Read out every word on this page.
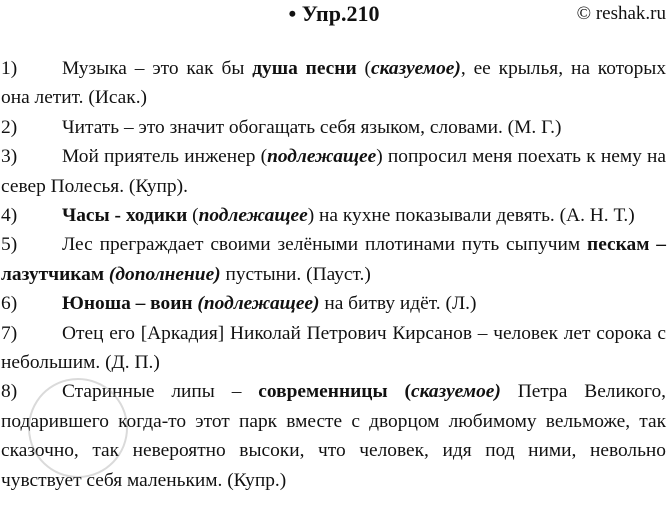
• Упр.210	© reshak.ru

1) Музыка – это как бы душа песни (сказуемое), ее крылья, на которых она летит. (Исак.)

2) Читать – это значит обогащать себя языком, словами. (М. Г.)

3) Мой приятель инженер (подлежащее) попросил меня поехать к нему на север Полесья. (Купр).

4) Часы - ходики (подлежащее) на кухне показывали девять. (А. Н. Т.)

5) Лес преграждает своими зелёными плотинами путь сыпучим пескам – лазутчикам (дополнение) пустыни. (Пауст.)

6) Юноша – воин (подлежащее) на битву идёт. (Л.)

7) Отец его [Аркадия] Николай Петрович Кирсанов – человек лет сорока с небольшим. (Д. П.)

8) Старинные липы – современницы (сказуемое) Петра Великого, подарившего когда-то этот парк вместе с дворцом любимому вельможе, так сказочно, так невероятно высоки, что человек, идя под ними, невольно чувствует себя маленьким. (Купр.)
